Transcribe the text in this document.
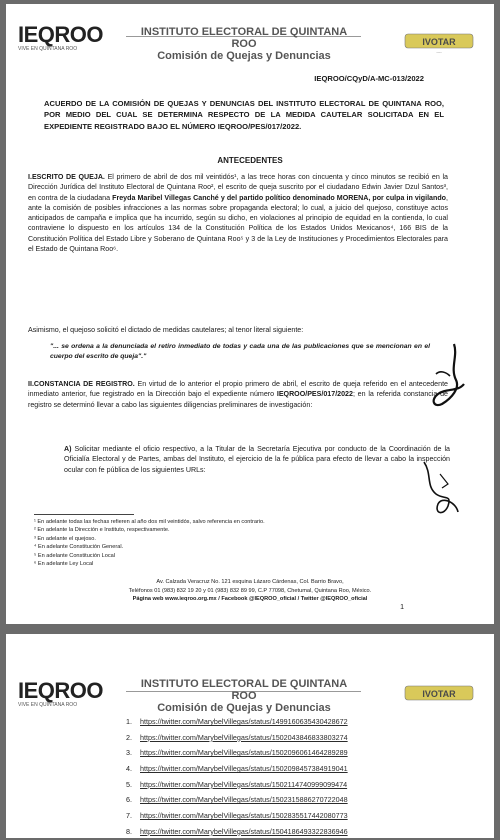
IEQROO
VIVE EN QUINTANA ROO
INSTITUTO ELECTORAL DE QUINTANA ROO
Comisión de Quejas y Denuncias
IVOTAR
----
IEQROO/CQyD/A-MC-013/2022
ACUERDO DE LA COMISIÓN DE QUEJAS Y DENUNCIAS DEL INSTITUTO ELECTORAL DE QUINTANA ROO, POR MEDIO DEL CUAL SE DETERMINA RESPECTO DE LA MEDIDA CAUTELAR SOLICITADA EN EL EXPEDIENTE REGISTRADO BAJO EL NÚMERO IEQROO/PES/017/2022.
ANTECEDENTES
I.ESCRITO DE QUEJA. El primero de abril de dos mil veintidós¹, a las trece horas con cincuenta y cinco minutos se recibió en la Dirección Jurídica del Instituto Electoral de Quintana Roo², el escrito de queja suscrito por el ciudadano Edwin Javier Dzul Santos³, en contra de la ciudadana Freyda Maribel Villegas Canché y del partido político denominado MORENA, por culpa in vigilando, ante la comisión de posibles infracciones a las normas sobre propaganda electoral; lo cual, a juicio del quejoso, constituye actos anticipados de campaña e implica que ha incurrido, según su dicho, en violaciones al principio de equidad en la contienda, lo cual contraviene lo dispuesto en los artículos 134 de la Constitución Política de los Estados Unidos Mexicanos⁴, 166 BIS de la Constitución Política del Estado Libre y Soberano de Quintana Roo⁵ y 3 de la Ley de Instituciones y Procedimientos Electorales para el Estado de Quintana Roo⁶.
Asimismo, el quejoso solicitó el dictado de medidas cautelares; al tenor literal siguiente:
"... se ordena a la denunciada el retiro inmediato de todas y cada una de las publicaciones que se mencionan en el cuerpo del escrito de queja"."
II.CONSTANCIA DE REGISTRO. En virtud de lo anterior el propio primero de abril, el escrito de queja referido en el antecedente inmediato anterior, fue registrado en la Dirección bajo el expediente número IEQROO/PES/017/2022; en la referida constancia de registro se determinó llevar a cabo las siguientes diligencias preliminares de investigación:
A) Solicitar mediante el oficio respectivo, a la Titular de la Secretaría Ejecutiva por conducto de la Coordinación de la Oficialía Electoral y de Partes, ambas del Instituto, el ejercicio de la fe pública para efecto de llevar a cabo la inspección ocular con fe pública de los siguientes URLs:
¹ En adelante todas las fechas refieren al año dos mil veintidós, salvo referencia en contrario.
² En adelante la Dirección e Instituto, respectivamente.
³ En adelante el quejoso.
⁴ En adelante Constitución General.
⁵ En adelante Constitución Local
⁶ En adelante Ley Local
Av. Calzada Veracruz No. 121 esquina Lázaro Cárdenas, Col. Barrio Bravo,
Teléfonos 01 (983) 832 19 20 y 01 (983) 832 89 99, C.P 77098, Chetumal, Quintana Roo, México.
Página web www.ieqroo.org.mx / Facebook @IEQROO_oficial / Twitter @IEQROO_oficial
1
IEQROO
VIVE EN QUINTANA ROO
INSTITUTO ELECTORAL DE QUINTANA ROO
Comisión de Quejas y Denuncias
IVOTAR
1. https://twitter.com/MarybelVillegas/status/1499160635430428672
2. https://twitter.com/MarybelVillegas/status/1502043846833803274
3. https://twitter.com/MarybelVillegas/status/1502096061464289289
4. https://twitter.com/MarybelVillegas/status/1502098457384919041
5. https://twitter.com/MarybelVillegas/status/1502114740999099474
6. https://twitter.com/MarybelVillegas/status/1502315886270722048
7. https://twitter.com/MarybelVillegas/status/1502835517442080773
8. https://twitter.com/MarybelVillegas/status/1504186493322836946
